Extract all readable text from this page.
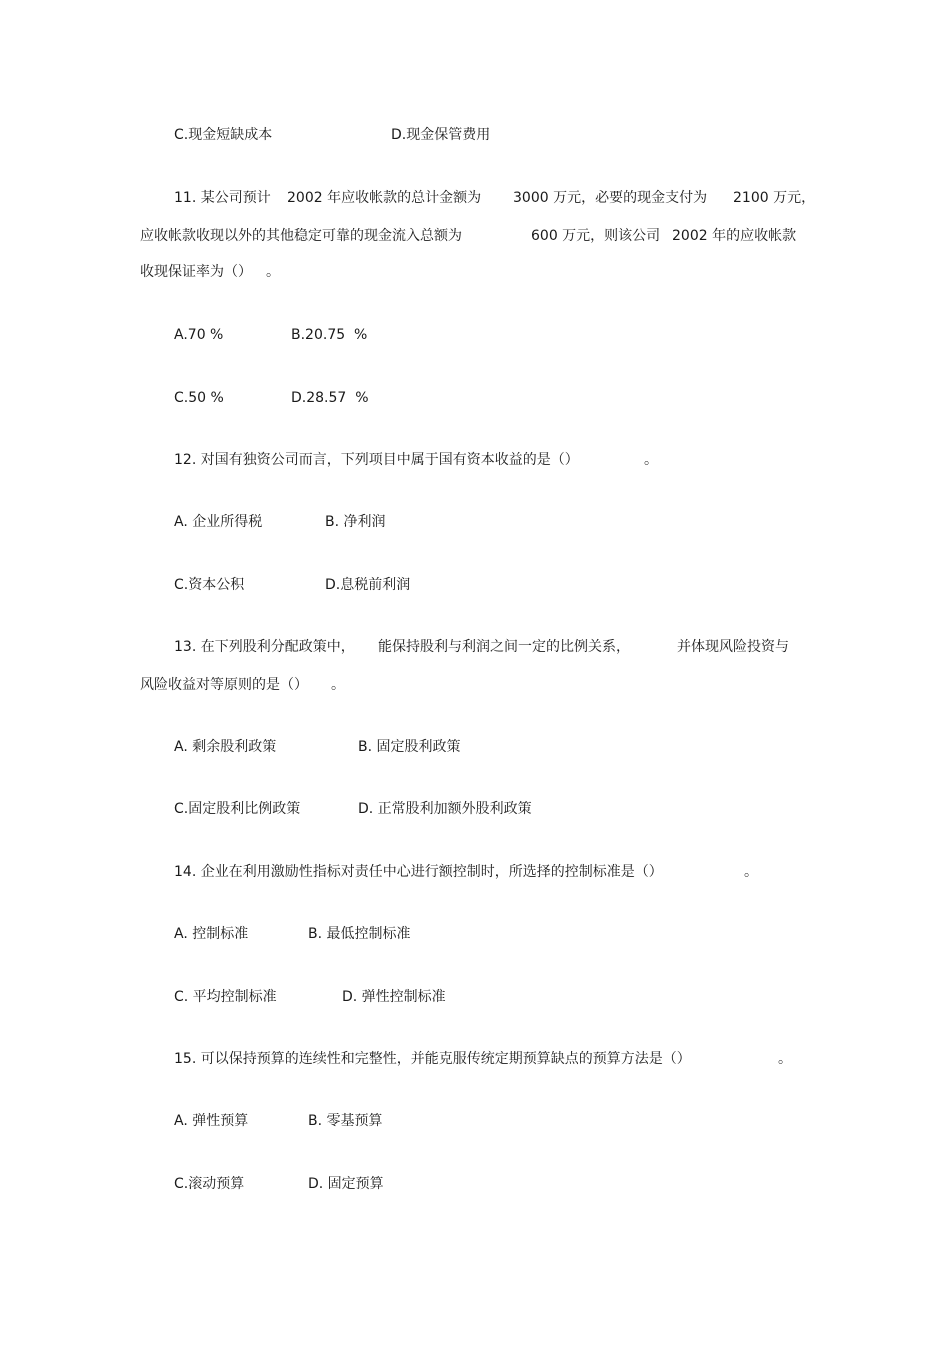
C.现金短缺成本	D.现金保管费用
11. 某公司预计 2002 年应收帐款的总计金额为 3000 万元，必要的现金支付为 2100 万元，
应收帐款收现以外的其他稳定可靠的现金流入总额为	600 万元，则该公司 2002 年的应收帐款
收现保证率为（） 。
A.70 %	B.20.75  %
C.50 %	D.28.57  %
12. 对国有独资公司而言，下列项目中属于国有资本收益的是（）	。
A. 企业所得税	B. 净利润
C.资本公积	D.息税前利润
13. 在下列股利分配政策中， 能保持股利与利润之间一定的比例关系，	并体现风险投资与
风险收益对等原则的是（） 。
A. 剩余股利政策	B. 固定股利政策
C.固定股利比例政策	D. 正常股利加额外股利政策
14. 企业在利用激励性指标对责任中心进行额控制时，所选择的控制标准是（）	。
A. 控制标准	B. 最低控制标准
C. 平均控制标准	D. 弹性控制标准
15. 可以保持预算的连续性和完整性，并能克服传统定期预算缺点的预算方法是（）	。
A. 弹性预算	B. 零基预算
C.滚动预算	D. 固定预算
